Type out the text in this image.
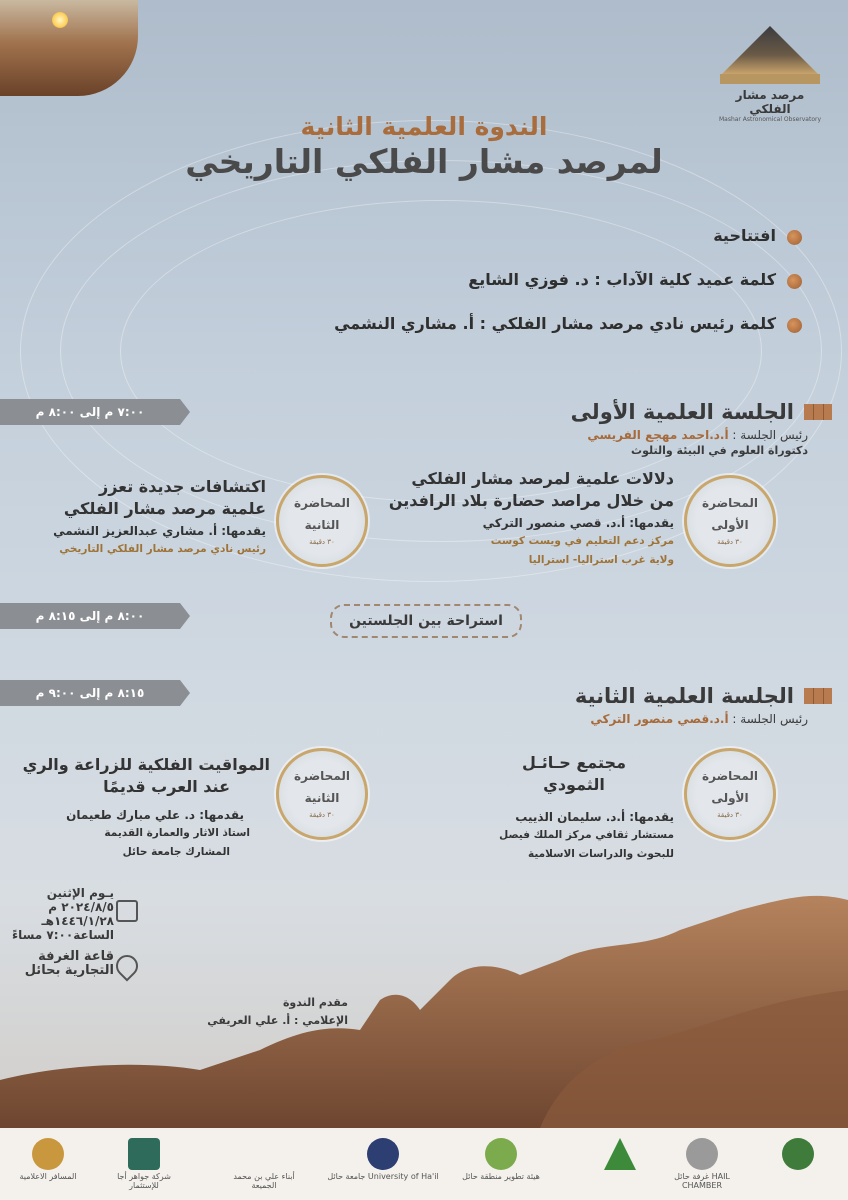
مرصد مشار الفلكي
Mashar Astronomical Observatory
الندوة العلمية الثانية
لمرصد مشار الفلكي التاريخي
افتتاحية
كلمة عميد كلية الآداب : د. فوزي الشايع
كلمة رئيس نادي مرصد مشار الفلكي : أ. مشاري النشمي
٧:٠٠ م إلى ٨:٠٠ م	الجلسة العلمية الأولى
رئيس الجلسة : أ.د.احمد مهجع الفريسي
دكتوراة العلوم في البيئة والتلوث
المحاضرة الأولى
٣٠ دقيقة
دلالات علمية لمرصد مشار الفلكي
من خلال مراصد حضارة بلاد الرافدين
يقدمها: أ.د. قصي منصور التركي
مركز دعم التعليم في ويست كوست
ولاية غرب استراليا- استراليا
المحاضرة الثانية
٣٠ دقيقة
اكتشافات جديدة تعزز
علمية مرصد مشار الفلكي
يقدمها: أ. مشاري عبدالعزيز النشمي
رئيس نادي مرصد مشار الفلكي التاريخي
٨:٠٠ م إلى ٨:١٥ م	استراحة بين الجلستين
٨:١٥ م إلى ٩:٠٠ م	الجلسة العلمية الثانية
رئيس الجلسة : أ.د.قصي منصور التركي
المحاضرة الأولى
٣٠ دقيقة
مجتمع حـائـل
الثمودي
يقدمها: أ.د. سليمان الذييب
مستشار ثقافي مركز الملك فيصل
للبحوث والدراسات الاسلامية
المحاضرة الثانية
٣٠ دقيقة
المواقيت الفلكية للزراعة والري
عند العرب قديمًا
يقدمها: د. علي مبارك طعيمان
استاذ الاثار والعمارة القديمة
المشارك جامعة حائل
يـوم الإثنين
٢٠٢٤/٨/٥ م
١٤٤٦/١/٢٨هـ
الساعة٧:٠٠ مساءً
قاعة الغرفة
التجارية بحائل
مقدم الندوة
الإعلامي : أ. علي العريفي
المسافر الاعلامية	شركة جواهر أجا للإستثمار
أبناء علي بن محمد الجميعة
جامعة حائل University of Ha'il	هيئة تطوير منطقة حائل	غرفة حائل HAIL CHAMBER
